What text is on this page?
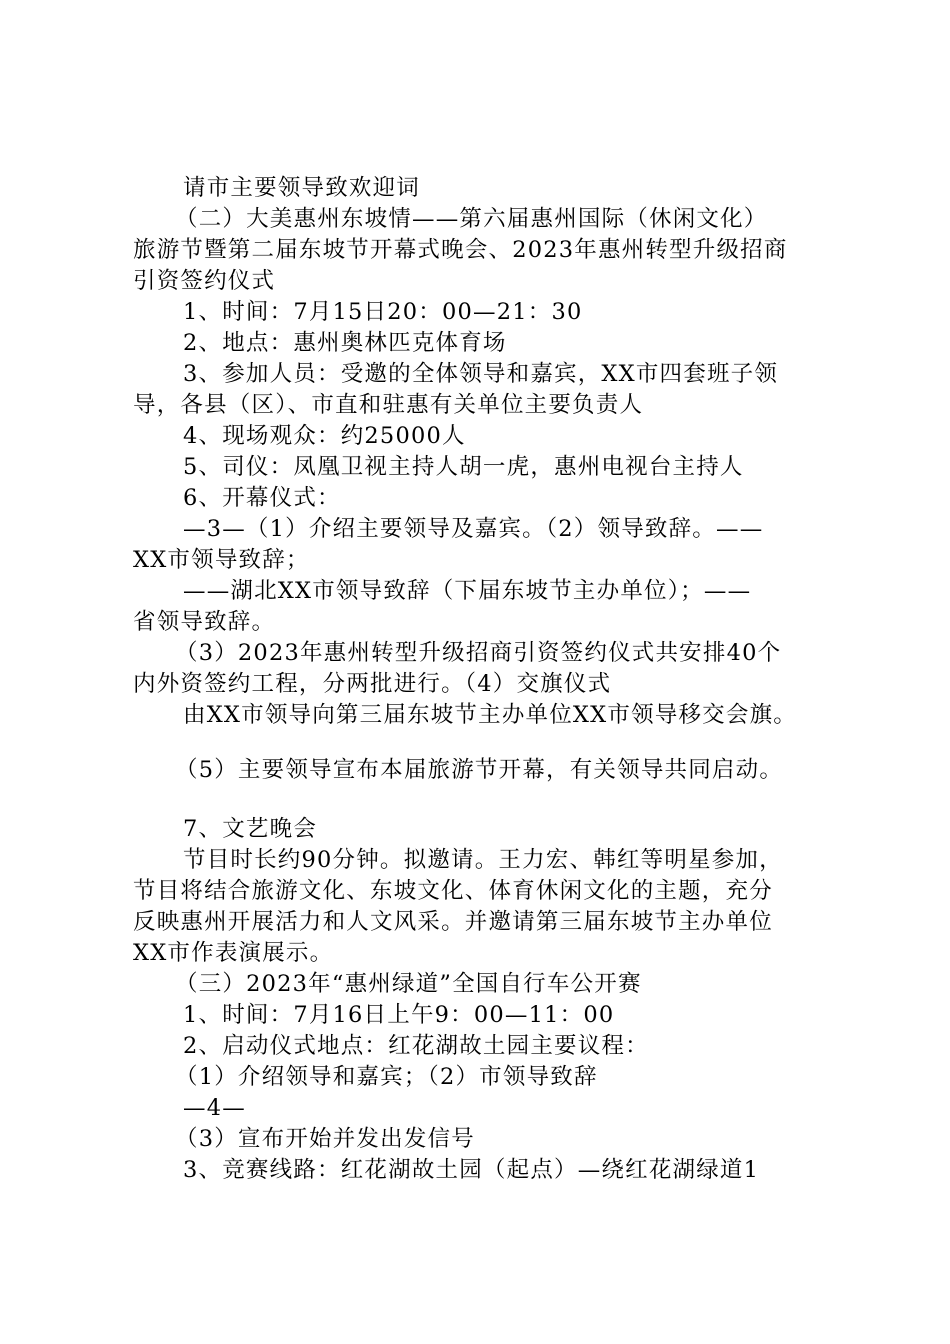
请市主要领导致欢迎词

（二）大美惠州东坡情——第六届惠州国际（休闲文化）

旅游节暨第二届东坡节开幕式晚会、2023年惠州转型升级招商

引资签约仪式

1、时间：7月15日20：00—21：30

2、地点：惠州奥林匹克体育场

3、参加人员：受邀的全体领导和嘉宾，XX市四套班子领

导，各县（区）、市直和驻惠有关单位主要负责人

4、现场观众：约25000人

5、司仪：凤凰卫视主持人胡一虎，惠州电视台主持人

6、开幕仪式：

—3—（1）介绍主要领导及嘉宾。（2）领导致辞。——

XX市领导致辞；

——湖北XX市领导致辞（下届东坡节主办单位）；——

省领导致辞。

（3）2023年惠州转型升级招商引资签约仪式共安排40个

内外资签约工程，分两批进行。（4）交旗仪式

由XX市领导向第三届东坡节主办单位XX市领导移交会旗。

（5）主要领导宣布本届旅游节开幕，有关领导共同启动。

7、文艺晚会

节目时长约90分钟。拟邀请。王力宏、韩红等明星参加，

节目将结合旅游文化、东坡文化、体育休闲文化的主题，充分

反映惠州开展活力和人文风采。并邀请第三届东坡节主办单位

XX市作表演展示。

（三）2023年“惠州绿道”全国自行车公开赛

1、时间：7月16日上午9：00—11：00

2、启动仪式地点：红花湖故土园主要议程：

（1）介绍领导和嘉宾；（2）市领导致辞

—4—

（3）宣布开始并发出发信号

3、竞赛线路：红花湖故土园（起点）—绕红花湖绿道1
